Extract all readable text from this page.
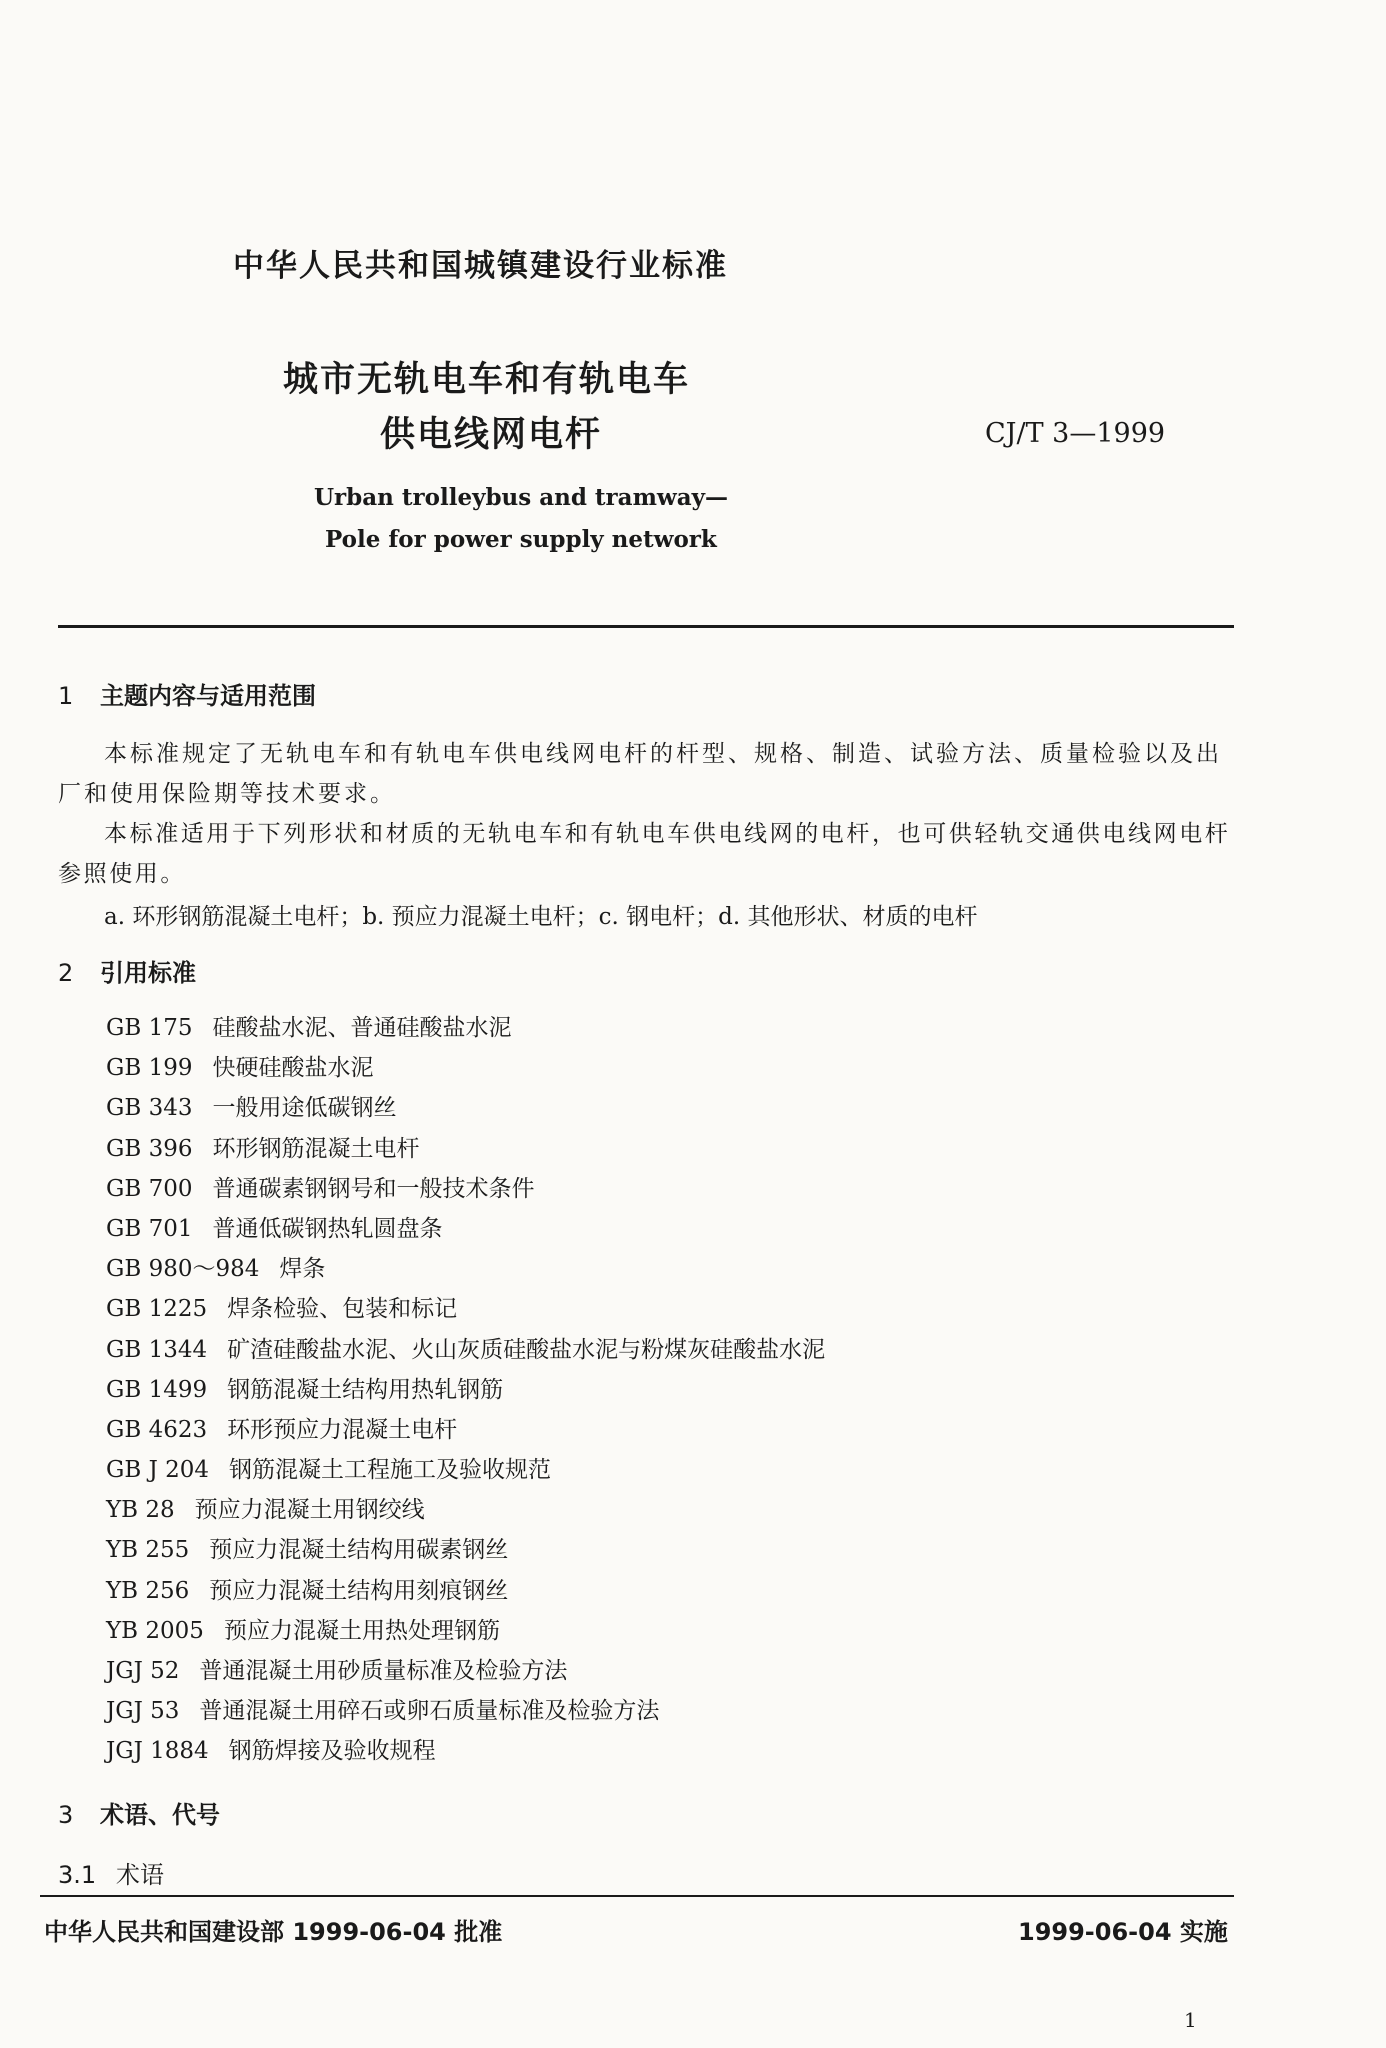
中华人民共和国城镇建设行业标准
城市无轨电车和有轨电车
供电线网电杆	CJ/T 3—1999
Urban trolleybus and tramway—
Pole for power supply network
1 主题内容与适用范围
本标准规定了无轨电车和有轨电车供电线网电杆的杆型、规格、制造、试验方法、质量检验以及出厂和使用保险期等技术要求。
本标准适用于下列形状和材质的无轨电车和有轨电车供电线网的电杆，也可供轻轨交通供电线网电杆参照使用。
a. 环形钢筋混凝土电杆；b. 预应力混凝土电杆；c. 钢电杆；d. 其他形状、材质的电杆
2 引用标准
GB 175 硅酸盐水泥、普通硅酸盐水泥
GB 199 快硬硅酸盐水泥
GB 343 一般用途低碳钢丝
GB 396 环形钢筋混凝土电杆
GB 700 普通碳素钢钢号和一般技术条件
GB 701 普通低碳钢热轧圆盘条
GB 980～984 焊条
GB 1225 焊条检验、包装和标记
GB 1344 矿渣硅酸盐水泥、火山灰质硅酸盐水泥与粉煤灰硅酸盐水泥
GB 1499 钢筋混凝土结构用热轧钢筋
GB 4623 环形预应力混凝土电杆
GB J 204 钢筋混凝土工程施工及验收规范
YB 28 预应力混凝土用钢绞线
YB 255 预应力混凝土结构用碳素钢丝
YB 256 预应力混凝土结构用刻痕钢丝
YB 2005 预应力混凝土用热处理钢筋
JGJ 52 普通混凝土用砂质量标准及检验方法
JGJ 53 普通混凝土用碎石或卵石质量标准及检验方法
JGJ 1884 钢筋焊接及验收规程
3 术语、代号
3.1 术语
中华人民共和国建设部 1999-06-04 批准	1999-06-04 实施
1
